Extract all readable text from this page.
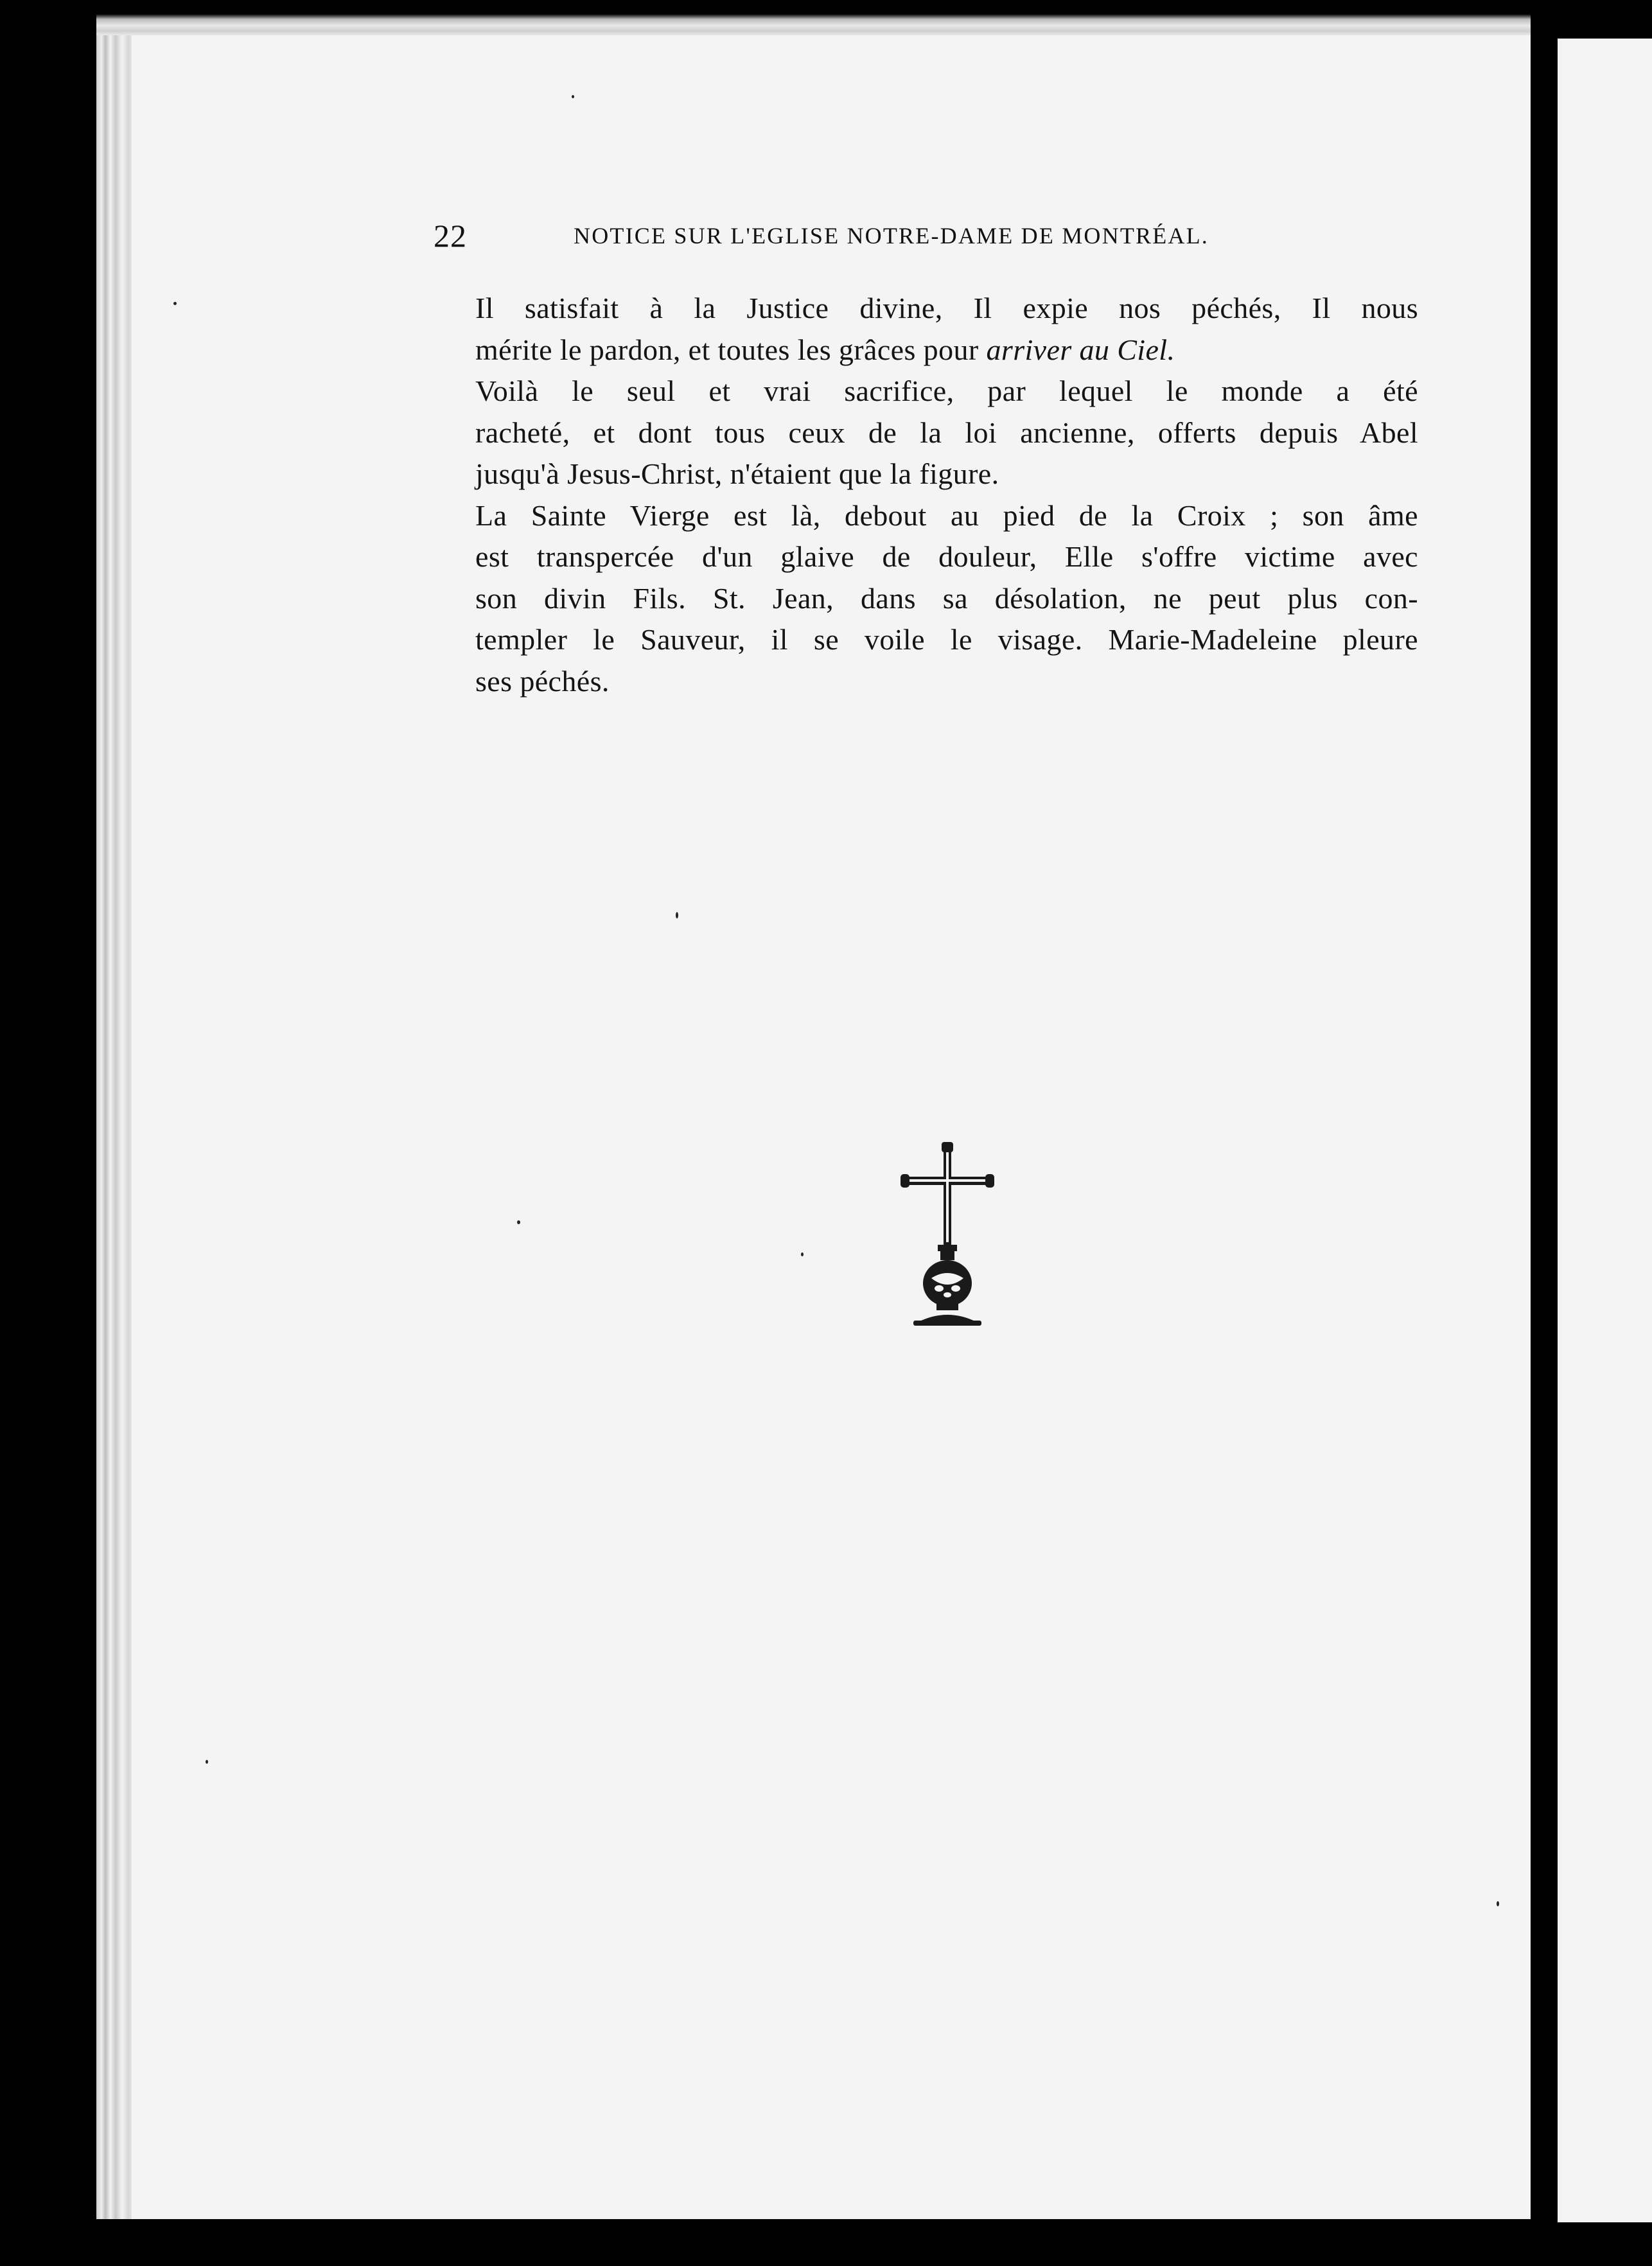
22	NOTICE SUR L'EGLISE NOTRE-DAME DE MONTRÉAL.

Il satisfait à la Justice divine, Il expie nos péchés, Il nous
mérite le pardon, et toutes les grâces pour arriver au Ciel.

Voilà le seul et vrai sacrifice, par lequel le monde a été
racheté, et dont tous ceux de la loi ancienne, offerts depuis Abel
jusqu'à Jesus-Christ, n'étaient que la figure.

La Sainte Vierge est là, debout au pied de la Croix ; son âme
est transpercée d'un glaive de douleur, Elle s'offre victime avec
son divin Fils. St. Jean, dans sa désolation, ne peut plus con-
templer le Sauveur, il se voile le visage. Marie-Madeleine pleure
ses péchés.
